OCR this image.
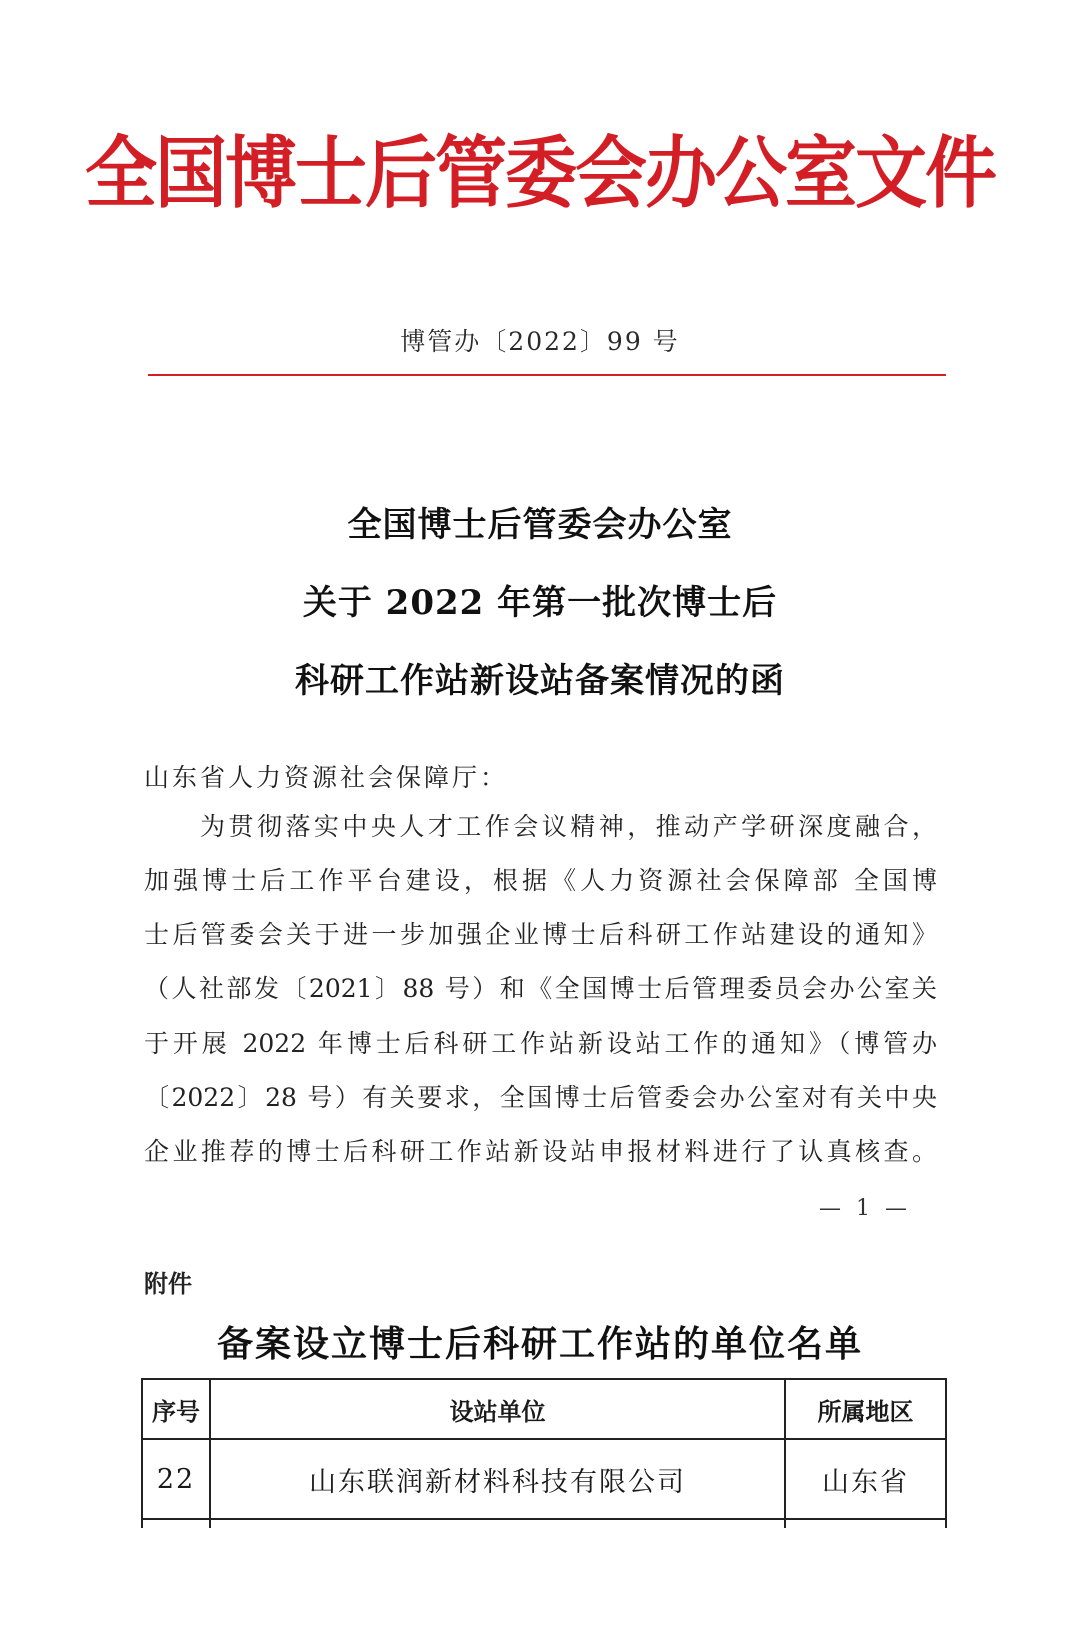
全国博士后管委会办公室文件
博管办〔2022〕99 号
全国博士后管委会办公室
关于 2022 年第一批次博士后
科研工作站新设站备案情况的函
山东省人力资源社会保障厅：
为贯彻落实中央人才工作会议精神，推动产学研深度融合，
加强博士后工作平台建设，根据《人力资源社会保障部 全国博
士后管委会关于进一步加强企业博士后科研工作站建设的通知》
（人社部发〔2021〕88 号）和《全国博士后管理委员会办公室关
于开展 2022 年博士后科研工作站新设站工作的通知》（博管办
〔2022〕28 号）有关要求，全国博士后管委会办公室对有关中央
企业推荐的博士后科研工作站新设站申报材料进行了认真核查。
— 1 —
附件
备案设立博士后科研工作站的单位名单
序号	设站单位	所属地区
22	山东联润新材料科技有限公司	山东省
